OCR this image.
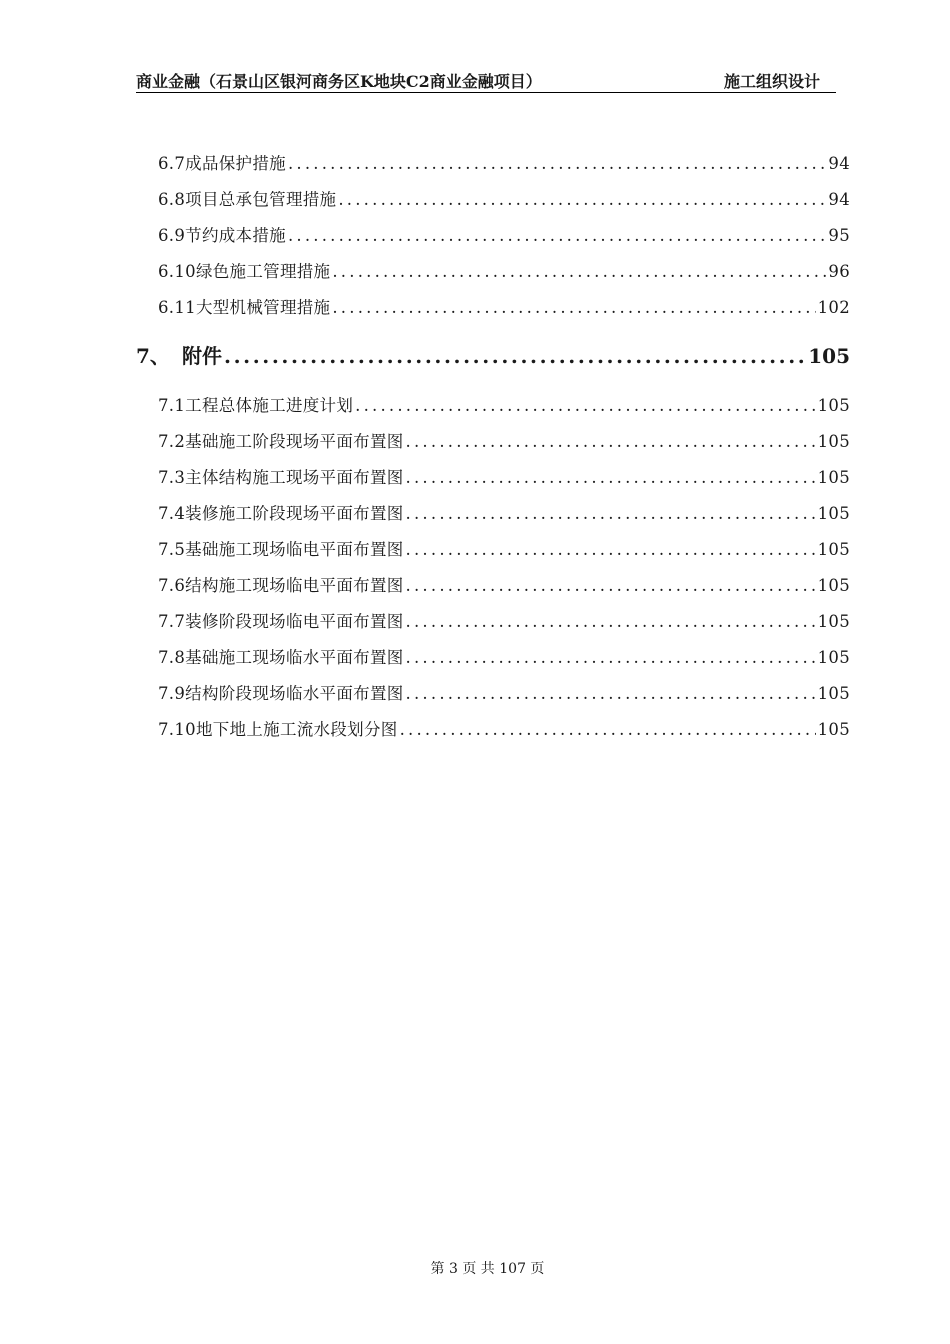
商业金融（石景山区银河商务区K地块C2商业金融项目）	施工组织设计
6.7 成品保护措施 .....	94
6.8 项目总承包管理措施 .....	94
6.9 节约成本措施 .....	95
6.10 绿色施工管理措施 .....	96
6.11 大型机械管理措施 .....	102
7、 附件 .....	105
7.1 工程总体施工进度计划 .....	105
7.2 基础施工阶段现场平面布置图 .....	105
7.3 主体结构施工现场平面布置图 .....	105
7.4 装修施工阶段现场平面布置图 .....	105
7.5 基础施工现场临电平面布置图 .....	105
7.6 结构施工现场临电平面布置图 .....	105
7.7 装修阶段现场临电平面布置图 .....	105
7.8 基础施工现场临水平面布置图 .....	105
7.9 结构阶段现场临水平面布置图 .....	105
7.10 地下地上施工流水段划分图 .....	105
第 3 页 共 107 页
